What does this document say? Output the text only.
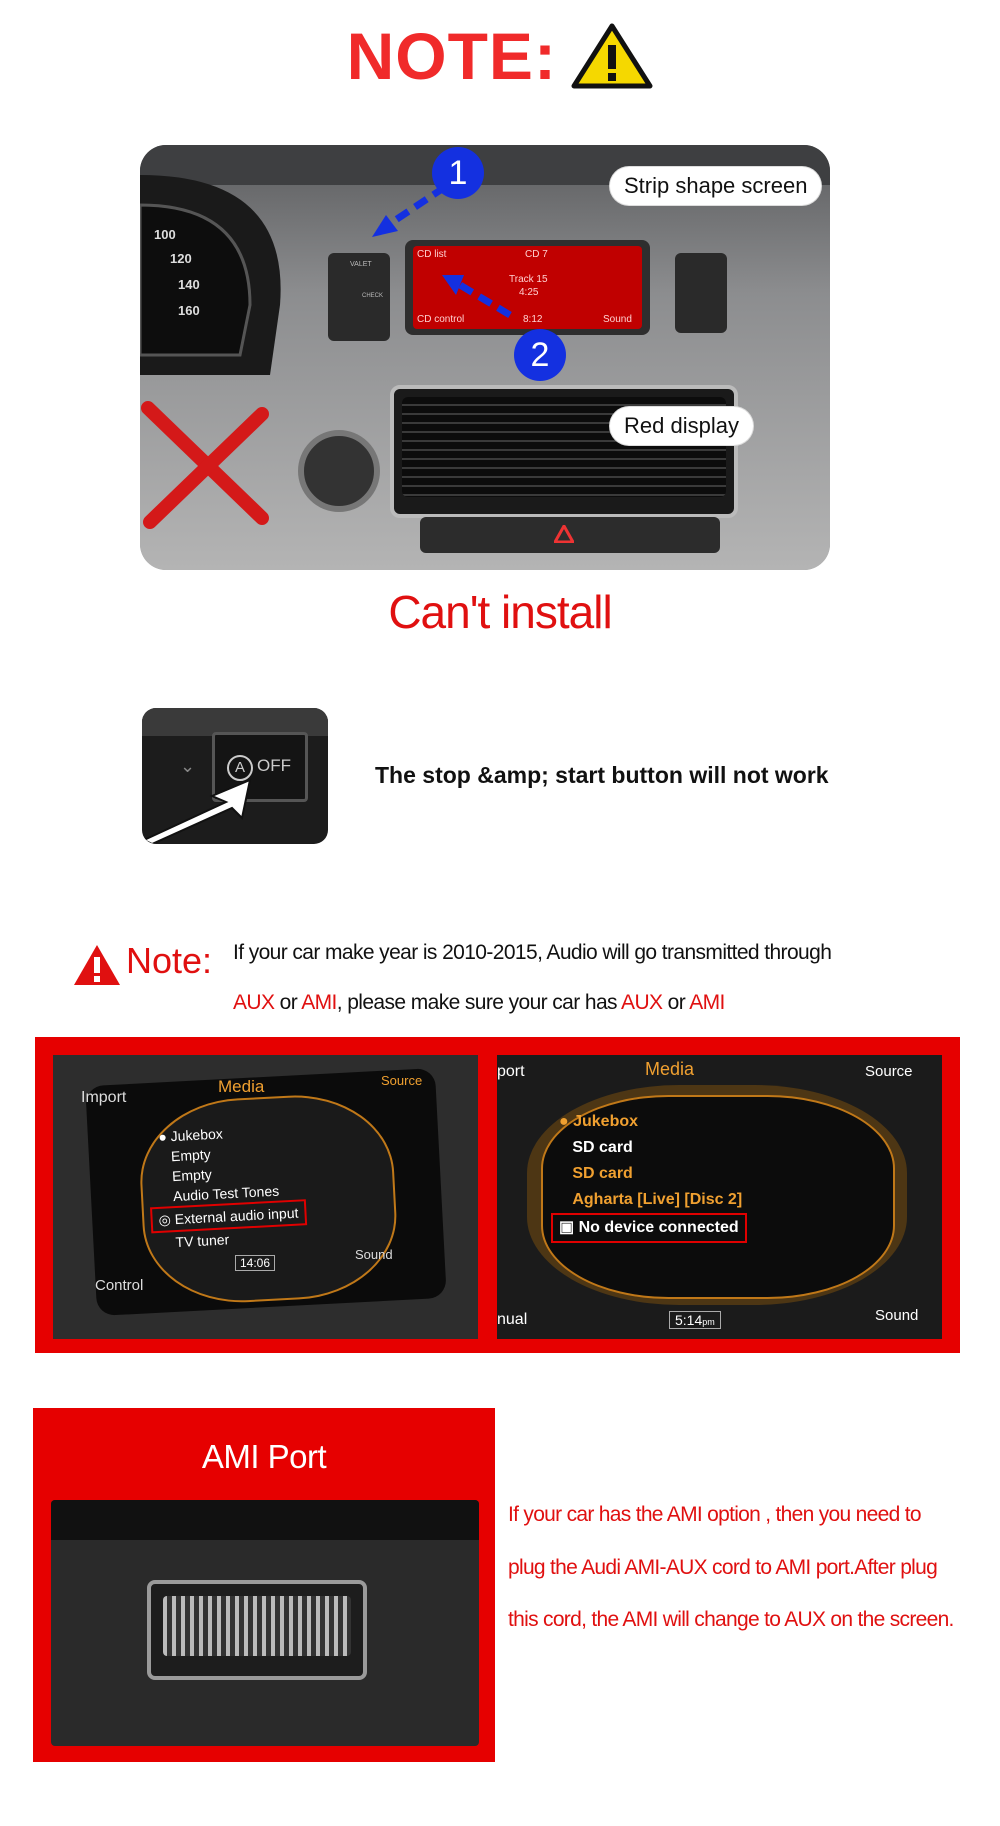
NOTE:
100
120
140
160
VALET
CHECK
CD list	CD 7
Track 15
4:25
CD control	8:12	Sound
1
2
Strip shape screen
Red display
Can't install
A OFF
⌄	The stop &amp; start button will not work
Note: If your car make year is 2010-2015, Audio will go transmitted through
AUX or AMI, please make sure your car has AUX or AMI
Import
Media	Source
● Jukebox
Empty
Empty
Audio Test Tones
◎ External audio input
TV tuner
Sound
Control
14:06
port	Media	Source
● Jukebox
SD card
SD card
Agharta [Live] [Disc 2]
▣ No device connected
nual	Sound
5:14pm
AMI Port
If your car has the AMI option , then you need to
plug the Audi AMI-AUX cord to AMI port.After plug
this cord, the AMI will change to AUX on the screen.
